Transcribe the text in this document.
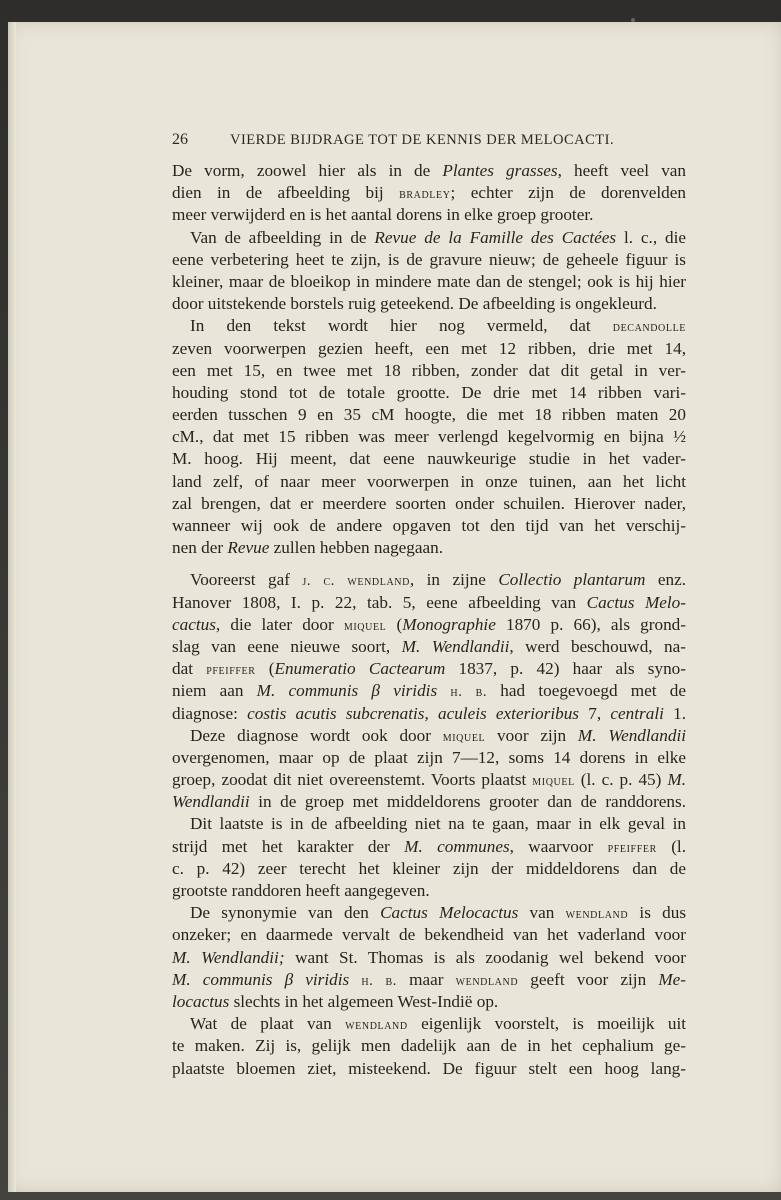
26	VIERDE BIJDRAGE TOT DE KENNIS DER MELOCACTI.
De vorm, zoowel hier als in de Plantes grasses, heeft veel van
dien in de afbeelding bij bradley; echter zijn de dorenvelden
meer verwijderd en is het aantal dorens in elke groep grooter.
Van de afbeelding in de Revue de la Famille des Cactées l. c., die
eene verbetering heet te zijn, is de gravure nieuw; de geheele figuur is
kleiner, maar de bloeikop in mindere mate dan de stengel; ook is hij hier
door uitstekende borstels ruig geteekend. De afbeelding is ongekleurd.
In den tekst wordt hier nog vermeld, dat decandolle
zeven voorwerpen gezien heeft, een met 12 ribben, drie met 14,
een met 15, en twee met 18 ribben, zonder dat dit getal in ver-
houding stond tot de totale grootte. De drie met 14 ribben vari-
eerden tusschen 9 en 35 cM hoogte, die met 18 ribben maten 20
cM., dat met 15 ribben was meer verlengd kegelvormig en bijna ½
M. hoog. Hij meent, dat eene nauwkeurige studie in het vader-
land zelf, of naar meer voorwerpen in onze tuinen, aan het licht
zal brengen, dat er meerdere soorten onder schuilen. Hierover nader,
wanneer wij ook de andere opgaven tot den tijd van het verschij-
nen der Revue zullen hebben nagegaan.
Vooreerst gaf j. c. wendland, in zijne Collectio plantarum enz.
Hanover 1808, I. p. 22, tab. 5, eene afbeelding van Cactus Melo-
cactus, die later door miquel (Monographie 1870 p. 66), als grond-
slag van eene nieuwe soort, M. Wendlandii, werd beschouwd, na-
dat pfeiffer (Enumeratio Cactearum 1837, p. 42) haar als syno-
niem aan M. communis β viridis h. b. had toegevoegd met de
diagnose: costis acutis subcrenatis, aculeis exterioribus 7, centrali 1.
Deze diagnose wordt ook door miquel voor zijn M. Wendlandii
overgenomen, maar op de plaat zijn 7—12, soms 14 dorens in elke
groep, zoodat dit niet overeenstemt. Voorts plaatst miquel (l. c. p. 45) M.
Wendlandii in de groep met middeldorens grooter dan de randdorens.
Dit laatste is in de afbeelding niet na te gaan, maar in elk geval in
strijd met het karakter der M. communes, waarvoor pfeiffer (l.
c. p. 42) zeer terecht het kleiner zijn der middeldorens dan de
grootste randdoren heeft aangegeven.
De synonymie van den Cactus Melocactus van wendland is dus
onzeker; en daarmede vervalt de bekendheid van het vaderland voor
M. Wendlandii; want St. Thomas is als zoodanig wel bekend voor
M. communis β viridis h. b. maar wendland geeft voor zijn Me-
locactus slechts in het algemeen West-Indië op.
Wat de plaat van wendland eigenlijk voorstelt, is moeilijk uit
te maken. Zij is, gelijk men dadelijk aan de in het cephalium ge-
plaatste bloemen ziet, misteekend. De figuur stelt een hoog lang-
